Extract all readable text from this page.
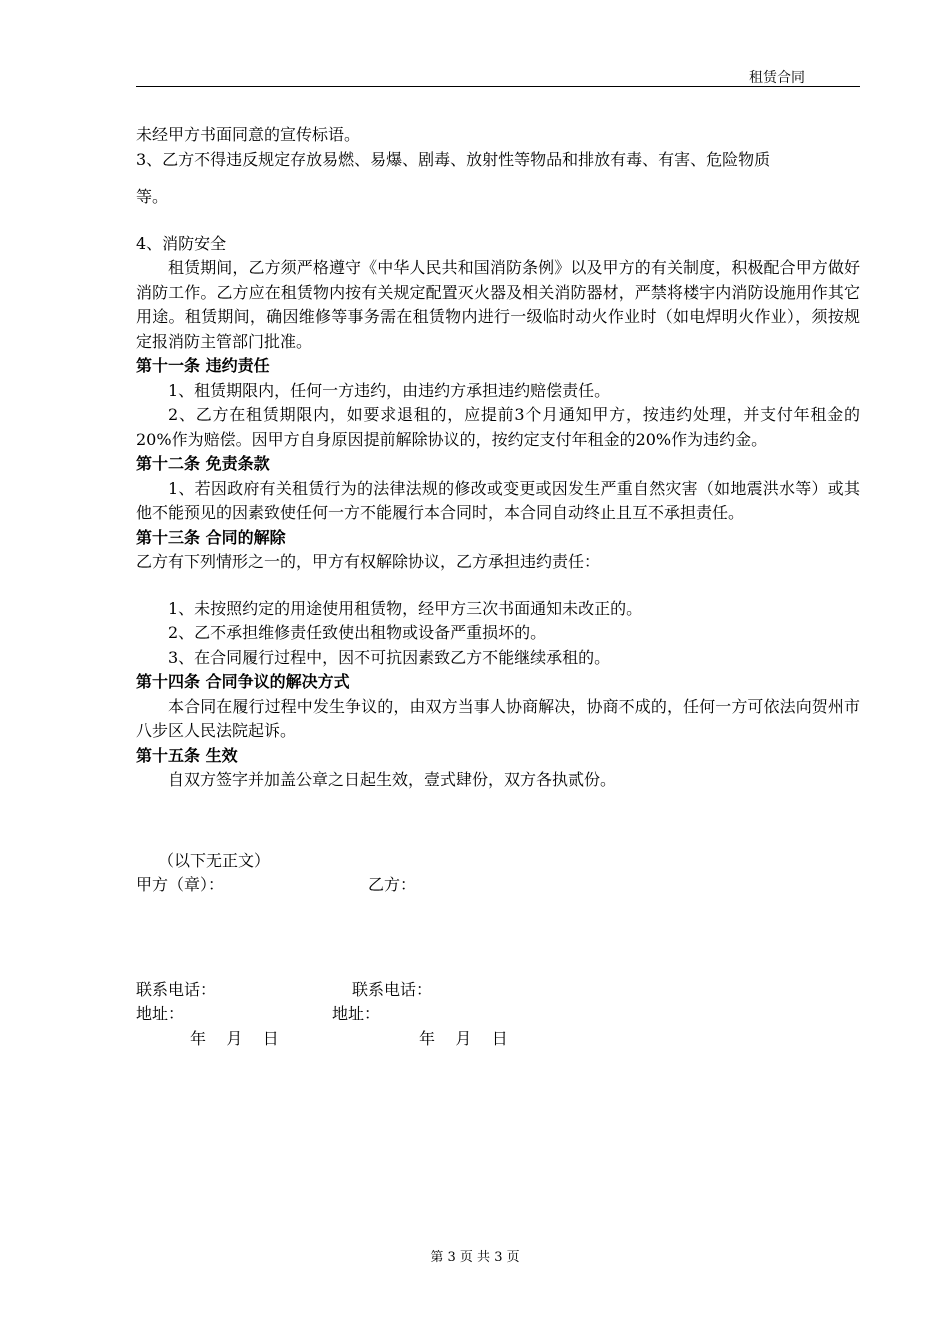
租赁合同
未经甲方书面同意的宣传标语。
3、乙方不得违反规定存放易燃、易爆、剧毒、放射性等物品和排放有毒、有害、危险物质
等。
4、消防安全
租赁期间，乙方须严格遵守《中华人民共和国消防条例》以及甲方的有关制度，积极配合甲方做好消防工作。乙方应在租赁物内按有关规定配置灭火器及相关消防器材，严禁将楼宇内消防设施用作其它用途。租赁期间，确因维修等事务需在租赁物内进行一级临时动火作业时（如电焊明火作业），须按规定报消防主管部门批准。
第十一条 违约责任
1、租赁期限内，任何一方违约，由违约方承担违约赔偿责任。
2、乙方在租赁期限内，如要求退租的，应提前3个月通知甲方，按违约处理，并支付年租金的20%作为赔偿。因甲方自身原因提前解除协议的，按约定支付年租金的20%作为违约金。
第十二条 免责条款
1、若因政府有关租赁行为的法律法规的修改或变更或因发生严重自然灾害（如地震洪水等）或其他不能预见的因素致使任何一方不能履行本合同时，本合同自动终止且互不承担责任。
第十三条 合同的解除
乙方有下列情形之一的，甲方有权解除协议，乙方承担违约责任：
1、未按照约定的用途使用租赁物，经甲方三次书面通知未改正的。
2、乙不承担维修责任致使出租物或设备严重损坏的。
3、在合同履行过程中，因不可抗因素致乙方不能继续承租的。
第十四条 合同争议的解决方式
本合同在履行过程中发生争议的，由双方当事人协商解决，协商不成的，任何一方可依法向贺州市八步区人民法院起诉。
第十五条 生效
自双方签字并加盖公章之日起生效，壹式肆份，双方各执贰份。
（以下无正文）
甲方（章）：	乙方：
联系电话：	联系电话：
地址：	地址：
年    月    日	年    月    日
第 3 页 共 3 页
